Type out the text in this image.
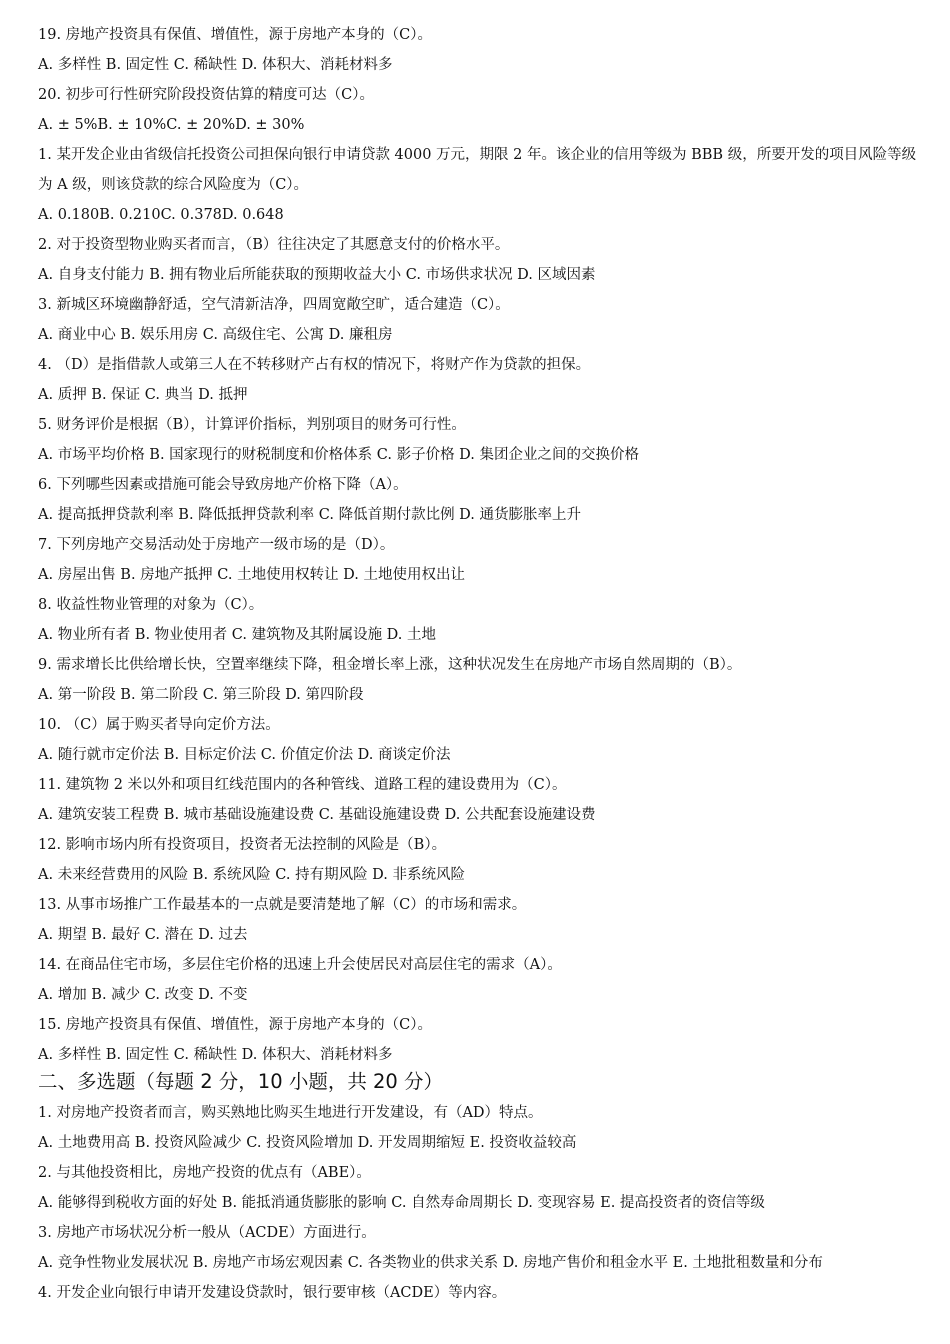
19. 房地产投资具有保值、增值性，源于房地产本身的（C）。
A. 多样性 B. 固定性 C. 稀缺性 D. 体积大、消耗材料多
20. 初步可行性研究阶段投资估算的精度可达（C）。
A. ± 5%B. ± 10%C. ± 20%D. ± 30%
1. 某开发企业由省级信托投资公司担保向银行申请贷款 4000 万元，期限 2 年。该企业的信用等级为 BBB 级，所要开发的项目风险等级为 A 级，则该贷款的综合风险度为（C）。
A. 0.180B. 0.210C. 0.378D. 0.648
2. 对于投资型物业购买者而言，（B）往往决定了其愿意支付的价格水平。
A. 自身支付能力 B. 拥有物业后所能获取的预期收益大小 C. 市场供求状况 D. 区域因素
3. 新城区环境幽静舒适，空气清新洁净，四周宽敞空旷，适合建造（C）。
A. 商业中心 B. 娱乐用房 C. 高级住宅、公寓 D. 廉租房
4. （D）是指借款人或第三人在不转移财产占有权的情况下，将财产作为贷款的担保。
A. 质押 B. 保证 C. 典当 D. 抵押
5. 财务评价是根据（B），计算评价指标，判别项目的财务可行性。
A. 市场平均价格 B. 国家现行的财税制度和价格体系 C. 影子价格 D. 集团企业之间的交换价格
6. 下列哪些因素或措施可能会导致房地产价格下降（A）。
A. 提高抵押贷款利率 B. 降低抵押贷款利率 C. 降低首期付款比例 D. 通货膨胀率上升
7. 下列房地产交易活动处于房地产一级市场的是（D）。
A. 房屋出售 B. 房地产抵押 C. 土地使用权转让 D. 土地使用权出让
8. 收益性物业管理的对象为（C）。
A. 物业所有者 B. 物业使用者 C. 建筑物及其附属设施 D. 土地
9. 需求增长比供给增长快，空置率继续下降，租金增长率上涨，这种状况发生在房地产市场自然周期的（B）。
A. 第一阶段 B. 第二阶段 C. 第三阶段 D. 第四阶段
10. （C）属于购买者导向定价方法。
A. 随行就市定价法 B. 目标定价法 C. 价值定价法 D. 商谈定价法
11. 建筑物 2 米以外和项目红线范围内的各种管线、道路工程的建设费用为（C）。
A. 建筑安装工程费 B. 城市基础设施建设费 C. 基础设施建设费 D. 公共配套设施建设费
12. 影响市场内所有投资项目，投资者无法控制的风险是（B）。
A. 未来经营费用的风险 B. 系统风险 C. 持有期风险 D. 非系统风险
13. 从事市场推广工作最基本的一点就是要清楚地了解（C）的市场和需求。
A. 期望 B. 最好 C. 潜在 D. 过去
14. 在商品住宅市场，多层住宅价格的迅速上升会使居民对高层住宅的需求（A）。
A. 增加 B. 减少 C. 改变 D. 不变
15. 房地产投资具有保值、增值性，源于房地产本身的（C）。
A. 多样性 B. 固定性 C. 稀缺性 D. 体积大、消耗材料多
二、多选题（每题 2 分，10 小题，共 20 分）
1. 对房地产投资者而言，购买熟地比购买生地进行开发建设，有（AD）特点。
A. 土地费用高 B. 投资风险减少 C. 投资风险增加 D. 开发周期缩短 E. 投资收益较高
2. 与其他投资相比，房地产投资的优点有（ABE）。
A. 能够得到税收方面的好处 B. 能抵消通货膨胀的影响 C. 自然寿命周期长 D. 变现容易 E. 提高投资者的资信等级
3. 房地产市场状况分析一般从（ACDE）方面进行。
A. 竞争性物业发展状况 B. 房地产市场宏观因素 C. 各类物业的供求关系 D. 房地产售价和租金水平 E. 土地批租数量和分布
4. 开发企业向银行申请开发建设贷款时，银行要审核（ACDE）等内容。
